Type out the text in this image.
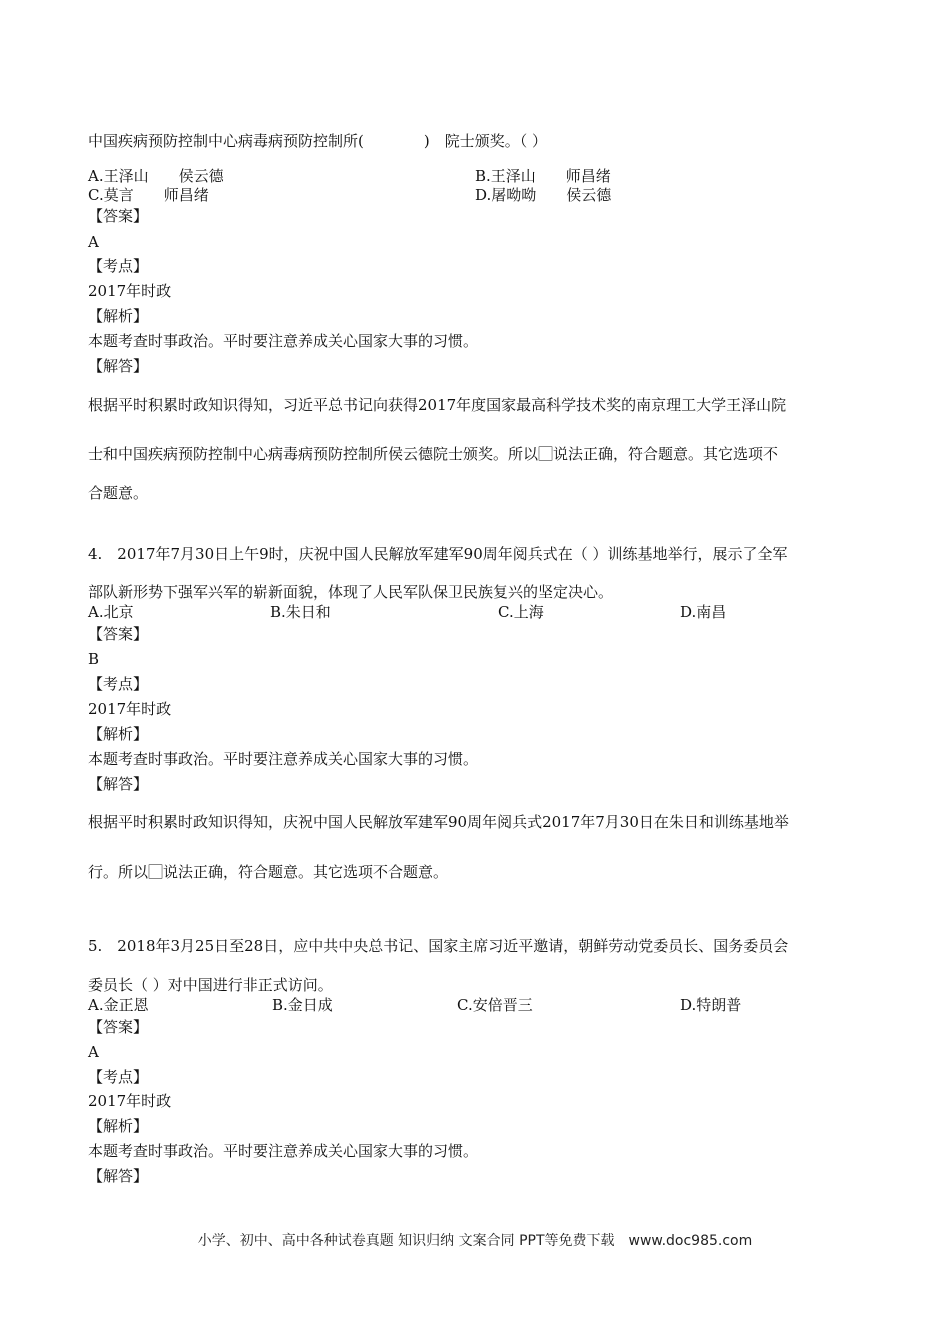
中国疾病预防控制中心病毒病预防控制所(　　　　)　院士颁奖。（ ）
A.王泽山　　侯云德	B.王泽山　　师昌绪
C.莫言　　师昌绪	D.屠呦呦　　侯云德
【答案】
A
【考点】
2017年时政
【解析】
本题考查时事政治。平时要注意养成关心国家大事的习惯。
【解答】
根据平时积累时政知识得知，习近平总书记向获得2017年度国家最高科学技术奖的南京理工大学王泽山院
士和中国疾病预防控制中心病毒病预防控制所侯云德院士颁奖。所以⃞说法正确，符合题意。其它选项不
合题意。
4.　2017年7月30日上午9时，庆祝中国人民解放军建军90周年阅兵式在（ ）训练基地举行，展示了全军
部队新形势下强军兴军的崭新面貌，体现了人民军队保卫民族复兴的坚定决心。
A.北京	B.朱日和	C.上海	D.南昌
【答案】
B
【考点】
2017年时政
【解析】
本题考查时事政治。平时要注意养成关心国家大事的习惯。
【解答】
根据平时积累时政知识得知，庆祝中国人民解放军建军90周年阅兵式2017年7月30日在朱日和训练基地举
行。所以⃞说法正确，符合题意。其它选项不合题意。
5.　2018年3月25日至28日，应中共中央总书记、国家主席习近平邀请，朝鲜劳动党委员长、国务委员会
委员长（ ）对中国进行非正式访问。
A.金正恩	B.金日成	C.安倍晋三	D.特朗普
【答案】
A
【考点】
2017年时政
【解析】
本题考查时事政治。平时要注意养成关心国家大事的习惯。
【解答】
小学、初中、高中各种试卷真题 知识归纳 文案合同 PPT等免费下载　www.doc985.com
